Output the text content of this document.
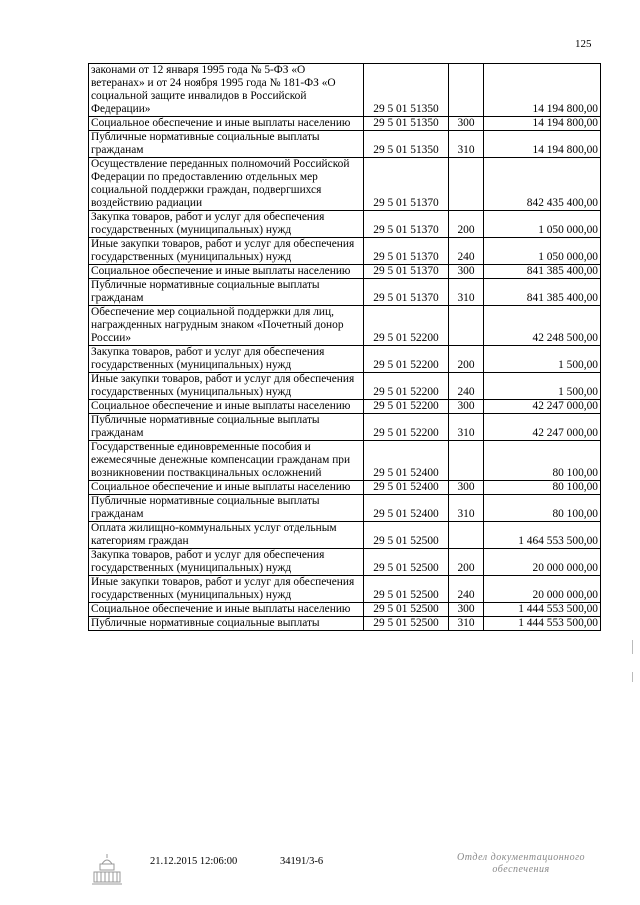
125
законами от 12 января 1995 года № 5-ФЗ «О ветеранах» и от 24 ноября 1995 года № 181-ФЗ «О социальной защите инвалидов в Российской Федерации»	29 5 01 51350		14 194 800,00
Социальное обеспечение и иные выплаты населению	29 5 01 51350	300	14 194 800,00
Публичные нормативные социальные выплаты гражданам	29 5 01 51350	310	14 194 800,00
Осуществление переданных полномочий Российской Федерации по предоставлению отдельных мер социальной поддержки граждан, подвергшихся воздействию радиации	29 5 01 51370		842 435 400,00
Закупка товаров, работ и услуг для обеспечения государственных (муниципальных) нужд	29 5 01 51370	200	1 050 000,00
Иные закупки товаров, работ и услуг для обеспечения государственных (муниципальных) нужд	29 5 01 51370	240	1 050 000,00
Социальное обеспечение и иные выплаты населению	29 5 01 51370	300	841 385 400,00
Публичные нормативные социальные выплаты гражданам	29 5 01 51370	310	841 385 400,00
Обеспечение мер социальной поддержки для лиц, награжденных нагрудным знаком «Почетный донор России»	29 5 01 52200		42 248 500,00
Закупка товаров, работ и услуг для обеспечения государственных (муниципальных) нужд	29 5 01 52200	200	1 500,00
Иные закупки товаров, работ и услуг для обеспечения государственных (муниципальных) нужд	29 5 01 52200	240	1 500,00
Социальное обеспечение и иные выплаты населению	29 5 01 52200	300	42 247 000,00
Публичные нормативные социальные выплаты гражданам	29 5 01 52200	310	42 247 000,00
Государственные единовременные пособия и ежемесячные денежные компенсации гражданам при возникновении поствакцинальных осложнений	29 5 01 52400		80 100,00
Социальное обеспечение и иные выплаты населению	29 5 01 52400	300	80 100,00
Публичные нормативные социальные выплаты гражданам	29 5 01 52400	310	80 100,00
Оплата жилищно-коммунальных услуг отдельным категориям граждан	29 5 01 52500		1 464 553 500,00
Закупка товаров, работ и услуг для обеспечения государственных (муниципальных) нужд	29 5 01 52500	200	20 000 000,00
Иные закупки товаров, работ и услуг для обеспечения государственных (муниципальных) нужд	29 5 01 52500	240	20 000 000,00
Социальное обеспечение и иные выплаты населению	29 5 01 52500	300	1 444 553 500,00
Публичные нормативные социальные выплаты	29 5 01 52500	310	1 444 553 500,00
21.12.2015 12:06:00	34191/3-6	Отдел документационного
обеспечения
